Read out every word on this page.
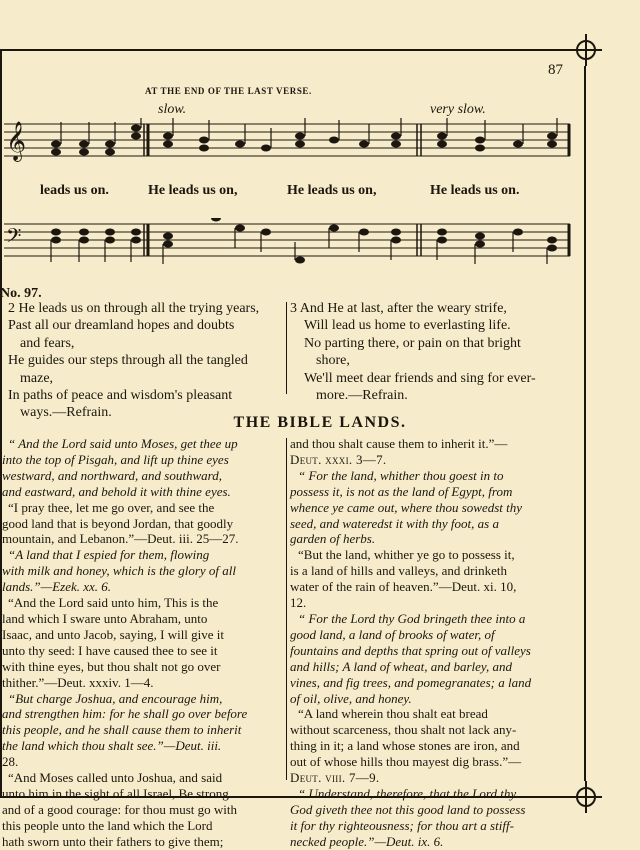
87
AT THE END OF THE LAST VERSE.
slow.	very slow.
𝄞
leads us on.	He leads us on,	He leads us on,	He leads us on.
𝄢
No. 97.
2 He leads us on through all the trying years,
Past all our dreamland hopes and doubts
and fears,
He guides our steps through all the tangled
maze,
In paths of peace and wisdom's pleasant
ways.—Refrain.
3 And He at last, after the weary strife,
Will lead us home to everlasting life.
No parting there, or pain on that bright
shore,
We'll meet dear friends and sing for ever-
more.—Refrain.
THE BIBLE LANDS.
“ And the Lord said unto Moses, get thee up
into the top of Pisgah, and lift up thine eyes
westward, and northward, and southward,
and eastward, and behold it with thine eyes.
“I pray thee, let me go over, and see the
good land that is beyond Jordan, that goodly
mountain, and Lebanon.”—Deut. iii. 25—27.
“A land that I espied for them, flowing
with milk and honey, which is the glory of all
lands.”—Ezek. xx. 6.
“And the Lord said unto him, This is the
land which I sware unto Abraham, unto
Isaac, and unto Jacob, saying, I will give it
unto thy seed: I have caused thee to see it
with thine eyes, but thou shalt not go over
thither.”—Deut. xxxiv. 1—4.
“But charge Joshua, and encourage him,
and strengthen him: for he shall go over before
this people, and he shall cause them to inherit
the land which thou shalt see.”—Deut. iii.
28.
“And Moses called unto Joshua, and said
unto him in the sight of all Israel, Be strong
and of a good courage: for thou must go with
this people unto the land which the Lord
hath sworn unto their fathers to give them;
and thou shalt cause them to inherit it.”—
Deut. xxxi. 3—7.
“ For the land, whither thou goest in to
possess it, is not as the land of Egypt, from
whence ye came out, where thou sowedst thy
seed, and wateredst it with thy foot, as a
garden of herbs.
“But the land, whither ye go to possess it,
is a land of hills and valleys, and drinketh
water of the rain of heaven.”—Deut. xi. 10,
12.
“ For the Lord thy God bringeth thee into a
good land, a land of brooks of water, of
fountains and depths that spring out of valleys
and hills; A land of wheat, and barley, and
vines, and fig trees, and pomegranates; a land
of oil, olive, and honey.
“A land wherein thou shalt eat bread
without scarceness, thou shalt not lack any-
thing in it; a land whose stones are iron, and
out of whose hills thou mayest dig brass.”—
Deut. viii. 7—9.
“ Understand, therefore, that the Lord thy
God giveth thee not this good land to possess
it for thy righteousness; for thou art a stiff-
necked people.”—Deut. ix. 6.
